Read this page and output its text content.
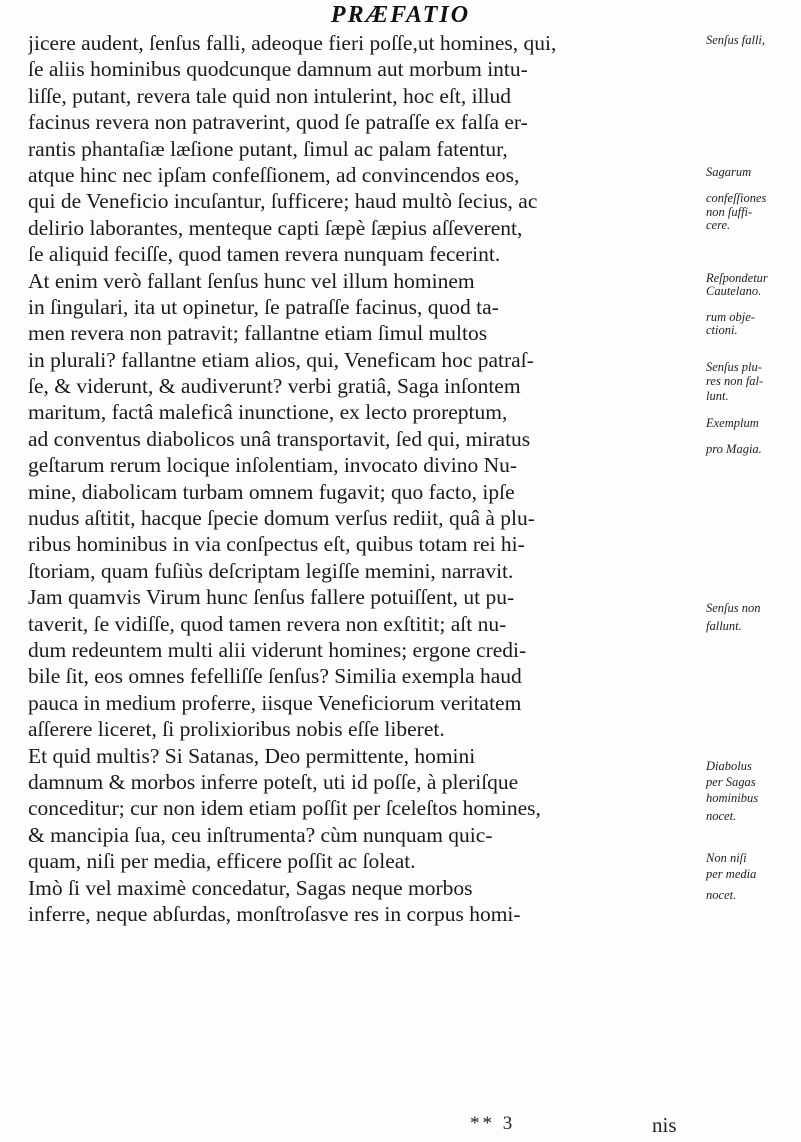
PRÆFATIO
jicere audent, ſenſus falli, adeoque fieri poſſe,ut homines, qui,
ſe aliis hominibus quodcunque damnum aut morbum intu-
liſſe, putant, revera tale quid non intulerint, hoc eſt, illud
facinus revera non patraverint, quod ſe patraſſe ex falſa er-
rantis phantaſiæ læſione putant, ſimul ac palam fatentur,
atque hinc nec ipſam confeſſionem, ad convincendos eos,
qui de Veneficio incuſantur, ſufficere; haud multò ſecius, ac
delirio laborantes, menteque capti ſæpè ſæpius aſſeverent,
ſe aliquid feciſſe, quod tamen revera nunquam fecerint.
At enim verò fallant ſenſus hunc vel illum hominem
in ſingulari, ita ut opinetur, ſe patraſſe facinus, quod ta-
men revera non patravit; fallantne etiam ſimul multos
in plurali? fallantne etiam alios, qui, Veneficam hoc patraſ-
ſe, & viderunt, & audiverunt? verbi gratiâ, Saga inſontem
maritum, factâ maleficâ inunctione, ex lecto proreptum,
ad conventus diabolicos unâ transportavit, ſed qui, miratus
geſtarum rerum locique inſolentiam, invocato divino Nu-
mine, diabolicam turbam omnem fugavit; quo facto, ipſe
nudus aſtitit, hacque ſpecie domum verſus rediit, quâ à plu-
ribus hominibus in via conſpectus eſt, quibus totam rei hi-
ſtoriam, quam fuſiùs deſcriptam legiſſe memini, narravit.
Jam quamvis Virum hunc ſenſus fallere potuiſſent, ut pu-
taverit, ſe vidiſſe, quod tamen revera non exſtitit; aſt nu-
dum redeuntem multi alii viderunt homines; ergone credi-
bile ſit, eos omnes fefelliſſe ſenſus? Similia exempla haud
pauca in medium proferre, iisque Veneficiorum veritatem
aſſerere liceret, ſi prolixioribus nobis eſſe liberet.
Et quid multis? Si Satanas, Deo permittente, homini
damnum & morbos inferre poteſt, uti id poſſe, à pleriſque
conceditur; cur non idem etiam poſſit per ſceleſtos homines,
& mancipia ſua, ceu inſtrumenta? cùm nunquam quic-
quam, niſi per media, efficere poſſit ac ſoleat.
Imò ſi vel maximè concedatur, Sagas neque morbos
inferre, neque abſurdas, monſtroſasve res in corpus homi-
Senſus falli,
Sagarum
confeſſiones
non ſuffi-
cere.
Reſpondetur
Cautelano.
rum obje-
ctioni.
Senſus plu-
res non fal-
lunt.
Exemplum
pro Magia.
Senſus non
fallunt.
Diabolus
per Sagas
hominibus
nocet.
Non niſi
per media
nocet.
** 3	nis
